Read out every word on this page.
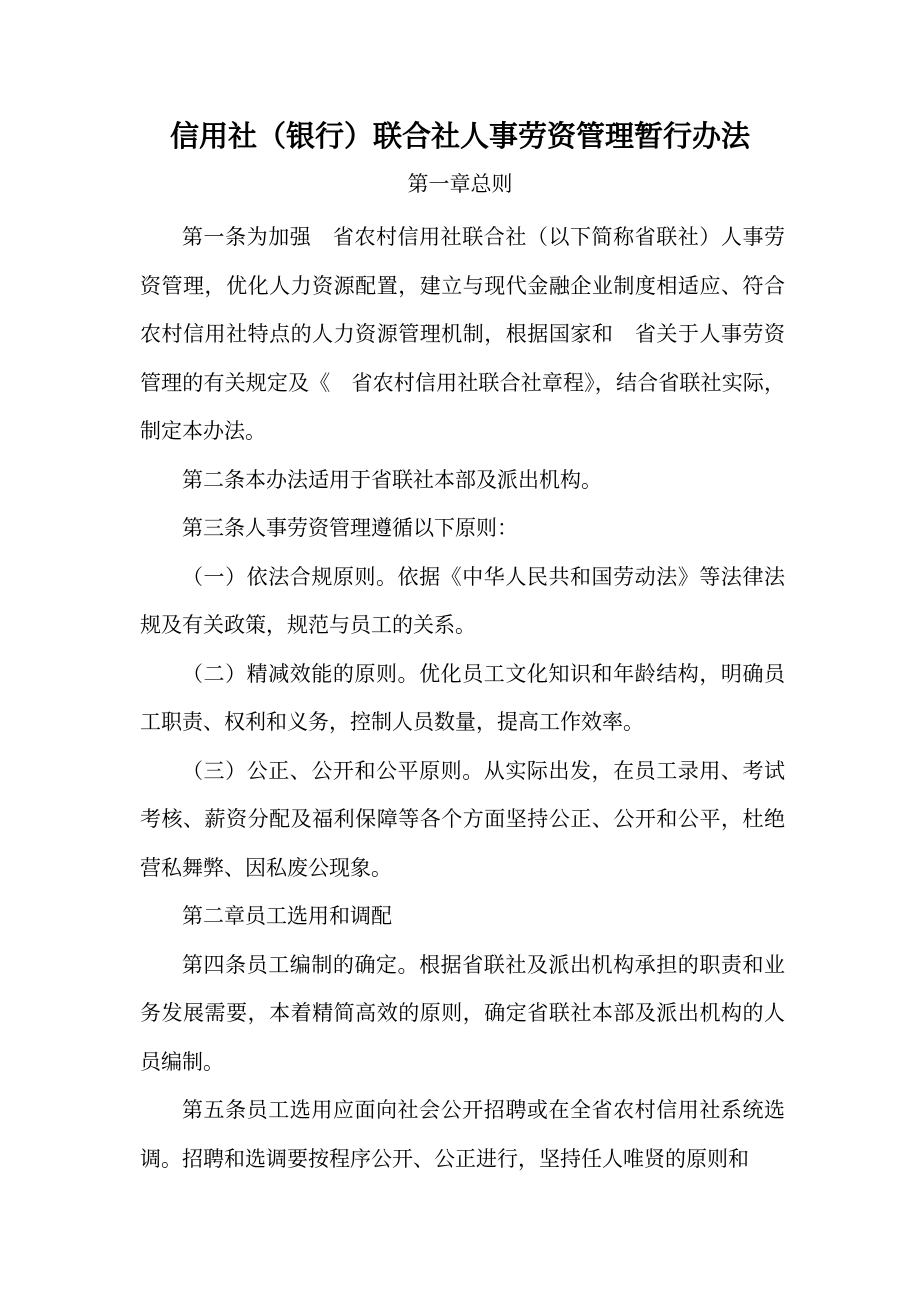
信用社（银行）联合社人事劳资管理暂行办法

第一章总则

第一条为加强　省农村信用社联合社（以下简称省联社）人事劳资管理，优化人力资源配置，建立与现代金融企业制度相适应、符合农村信用社特点的人力资源管理机制，根据国家和　省关于人事劳资管理的有关规定及《　省农村信用社联合社章程》，结合省联社实际，制定本办法。

第二条本办法适用于省联社本部及派出机构。

第三条人事劳资管理遵循以下原则：

（一）依法合规原则。依据《中华人民共和国劳动法》等法律法规及有关政策，规范与员工的关系。

（二）精减效能的原则。优化员工文化知识和年龄结构，明确员工职责、权利和义务，控制人员数量，提高工作效率。

（三）公正、公开和公平原则。从实际出发，在员工录用、考试考核、薪资分配及福利保障等各个方面坚持公正、公开和公平，杜绝营私舞弊、因私废公现象。

第二章员工选用和调配

第四条员工编制的确定。根据省联社及派出机构承担的职责和业务发展需要，本着精简高效的原则，确定省联社本部及派出机构的人员编制。

第五条员工选用应面向社会公开招聘或在全省农村信用社系统选调。招聘和选调要按程序公开、公正进行，坚持任人唯贤的原则和
